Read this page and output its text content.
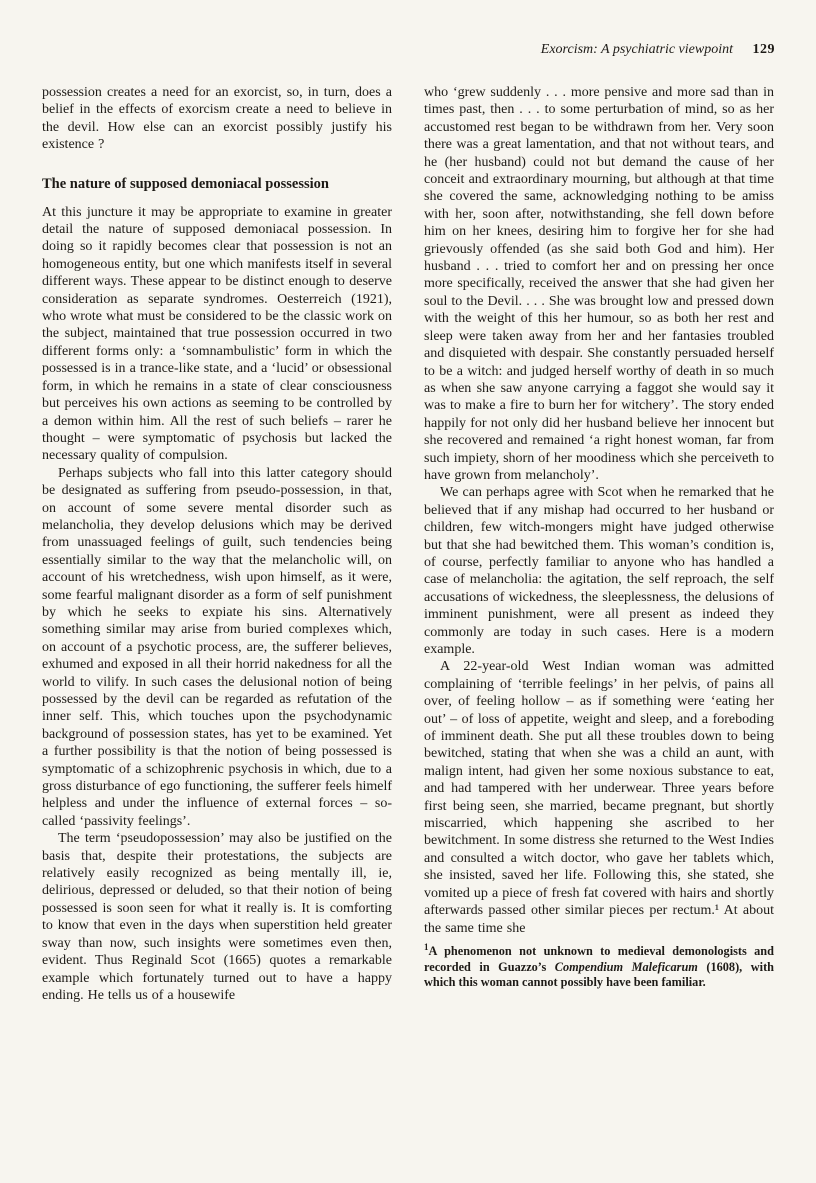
Exorcism: A psychiatric viewpoint 129

possession creates a need for an exorcist, so, in turn, does a belief in the effects of exorcism create a need to believe in the devil. How else can an exorcist possibly justify his existence ?

The nature of supposed demoniacal possession

At this juncture it may be appropriate to examine in greater detail the nature of supposed demoniacal possession. In doing so it rapidly becomes clear that possession is not an homogeneous entity, but one which manifests itself in several different ways. These appear to be distinct enough to deserve consideration as separate syndromes. Oesterreich (1921), who wrote what must be considered to be the classic work on the subject, maintained that true possession occurred in two different forms only: a ‘somnambulistic’ form in which the possessed is in a trance-like state, and a ‘lucid’ or obsessional form, in which he remains in a state of clear consciousness but perceives his own actions as seeming to be controlled by a demon within him. All the rest of such beliefs – rarer he thought – were symptomatic of psychosis but lacked the necessary quality of compulsion.

Perhaps subjects who fall into this latter category should be designated as suffering from pseudo-possession, in that, on account of some severe mental disorder such as melancholia, they develop delusions which may be derived from unassuaged feelings of guilt, such tendencies being essentially similar to the way that the melancholic will, on account of his wretchedness, wish upon himself, as it were, some fearful malignant disorder as a form of self punishment by which he seeks to expiate his sins. Alternatively something similar may arise from buried complexes which, on account of a psychotic process, are, the sufferer believes, exhumed and exposed in all their horrid nakedness for all the world to vilify. In such cases the delusional notion of being possessed by the devil can be regarded as refutation of the inner self. This, which touches upon the psychodynamic background of possession states, has yet to be examined. Yet a further possibility is that the notion of being possessed is symptomatic of a schizophrenic psychosis in which, due to a gross disturbance of ego functioning, the sufferer feels himelf helpless and under the influence of external forces – so-called ‘passivity feelings’.

The term ‘pseudopossession’ may also be justified on the basis that, despite their protestations, the subjects are relatively easily recognized as being mentally ill, ie, delirious, depressed or deluded, so that their notion of being possessed is soon seen for what it really is. It is comforting to know that even in the days when superstition held greater sway than now, such insights were sometimes even then, evident. Thus Reginald Scot (1665) quotes a remarkable example which fortunately turned out to have a happy ending. He tells us of a housewife

who ‘grew suddenly . . . more pensive and more sad than in times past, then . . . to some perturbation of mind, so as her accustomed rest began to be withdrawn from her. Very soon there was a great lamentation, and that not without tears, and he (her husband) could not but demand the cause of her conceit and extraordinary mourning, but although at that time she covered the same, acknowledging nothing to be amiss with her, soon after, notwithstanding, she fell down before him on her knees, desiring him to forgive her for she had grievously offended (as she said both God and him). Her husband . . . tried to comfort her and on pressing her once more specifically, received the answer that she had given her soul to the Devil. . . . She was brought low and pressed down with the weight of this her humour, so as both her rest and sleep were taken away from her and her fantasies troubled and disquieted with despair. She constantly persuaded herself to be a witch: and judged herself worthy of death in so much as when she saw anyone carrying a faggot she would say it was to make a fire to burn her for witchery’. The story ended happily for not only did her husband believe her innocent but she recovered and remained ‘a right honest woman, far from such impiety, shorn of her moodiness which she perceiveth to have grown from melancholy’.

We can perhaps agree with Scot when he remarked that he believed that if any mishap had occurred to her husband or children, few witch-mongers might have judged otherwise but that she had bewitched them. This woman’s condition is, of course, perfectly familiar to anyone who has handled a case of melancholia: the agitation, the self reproach, the self accusations of wickedness, the sleeplessness, the delusions of imminent punishment, were all present as indeed they commonly are today in such cases. Here is a modern example.

A 22-year-old West Indian woman was admitted complaining of ‘terrible feelings’ in her pelvis, of pains all over, of feeling hollow – as if something were ‘eating her out’ – of loss of appetite, weight and sleep, and a foreboding of imminent death. She put all these troubles down to being bewitched, stating that when she was a child an aunt, with malign intent, had given her some noxious substance to eat, and had tampered with her underwear. Three years before first being seen, she married, became pregnant, but shortly miscarried, which happening she ascribed to her bewitchment. In some distress she returned to the West Indies and consulted a witch doctor, who gave her tablets which, she insisted, saved her life. Following this, she stated, she vomited up a piece of fresh fat covered with hairs and shortly afterwards passed other similar pieces per rectum.¹ At about the same time she

$^1$A phenomenon not unknown to medieval demonologists and recorded in Guazzo’s Compendium Maleficarum (1608), with which this woman cannot possibly have been familiar.
